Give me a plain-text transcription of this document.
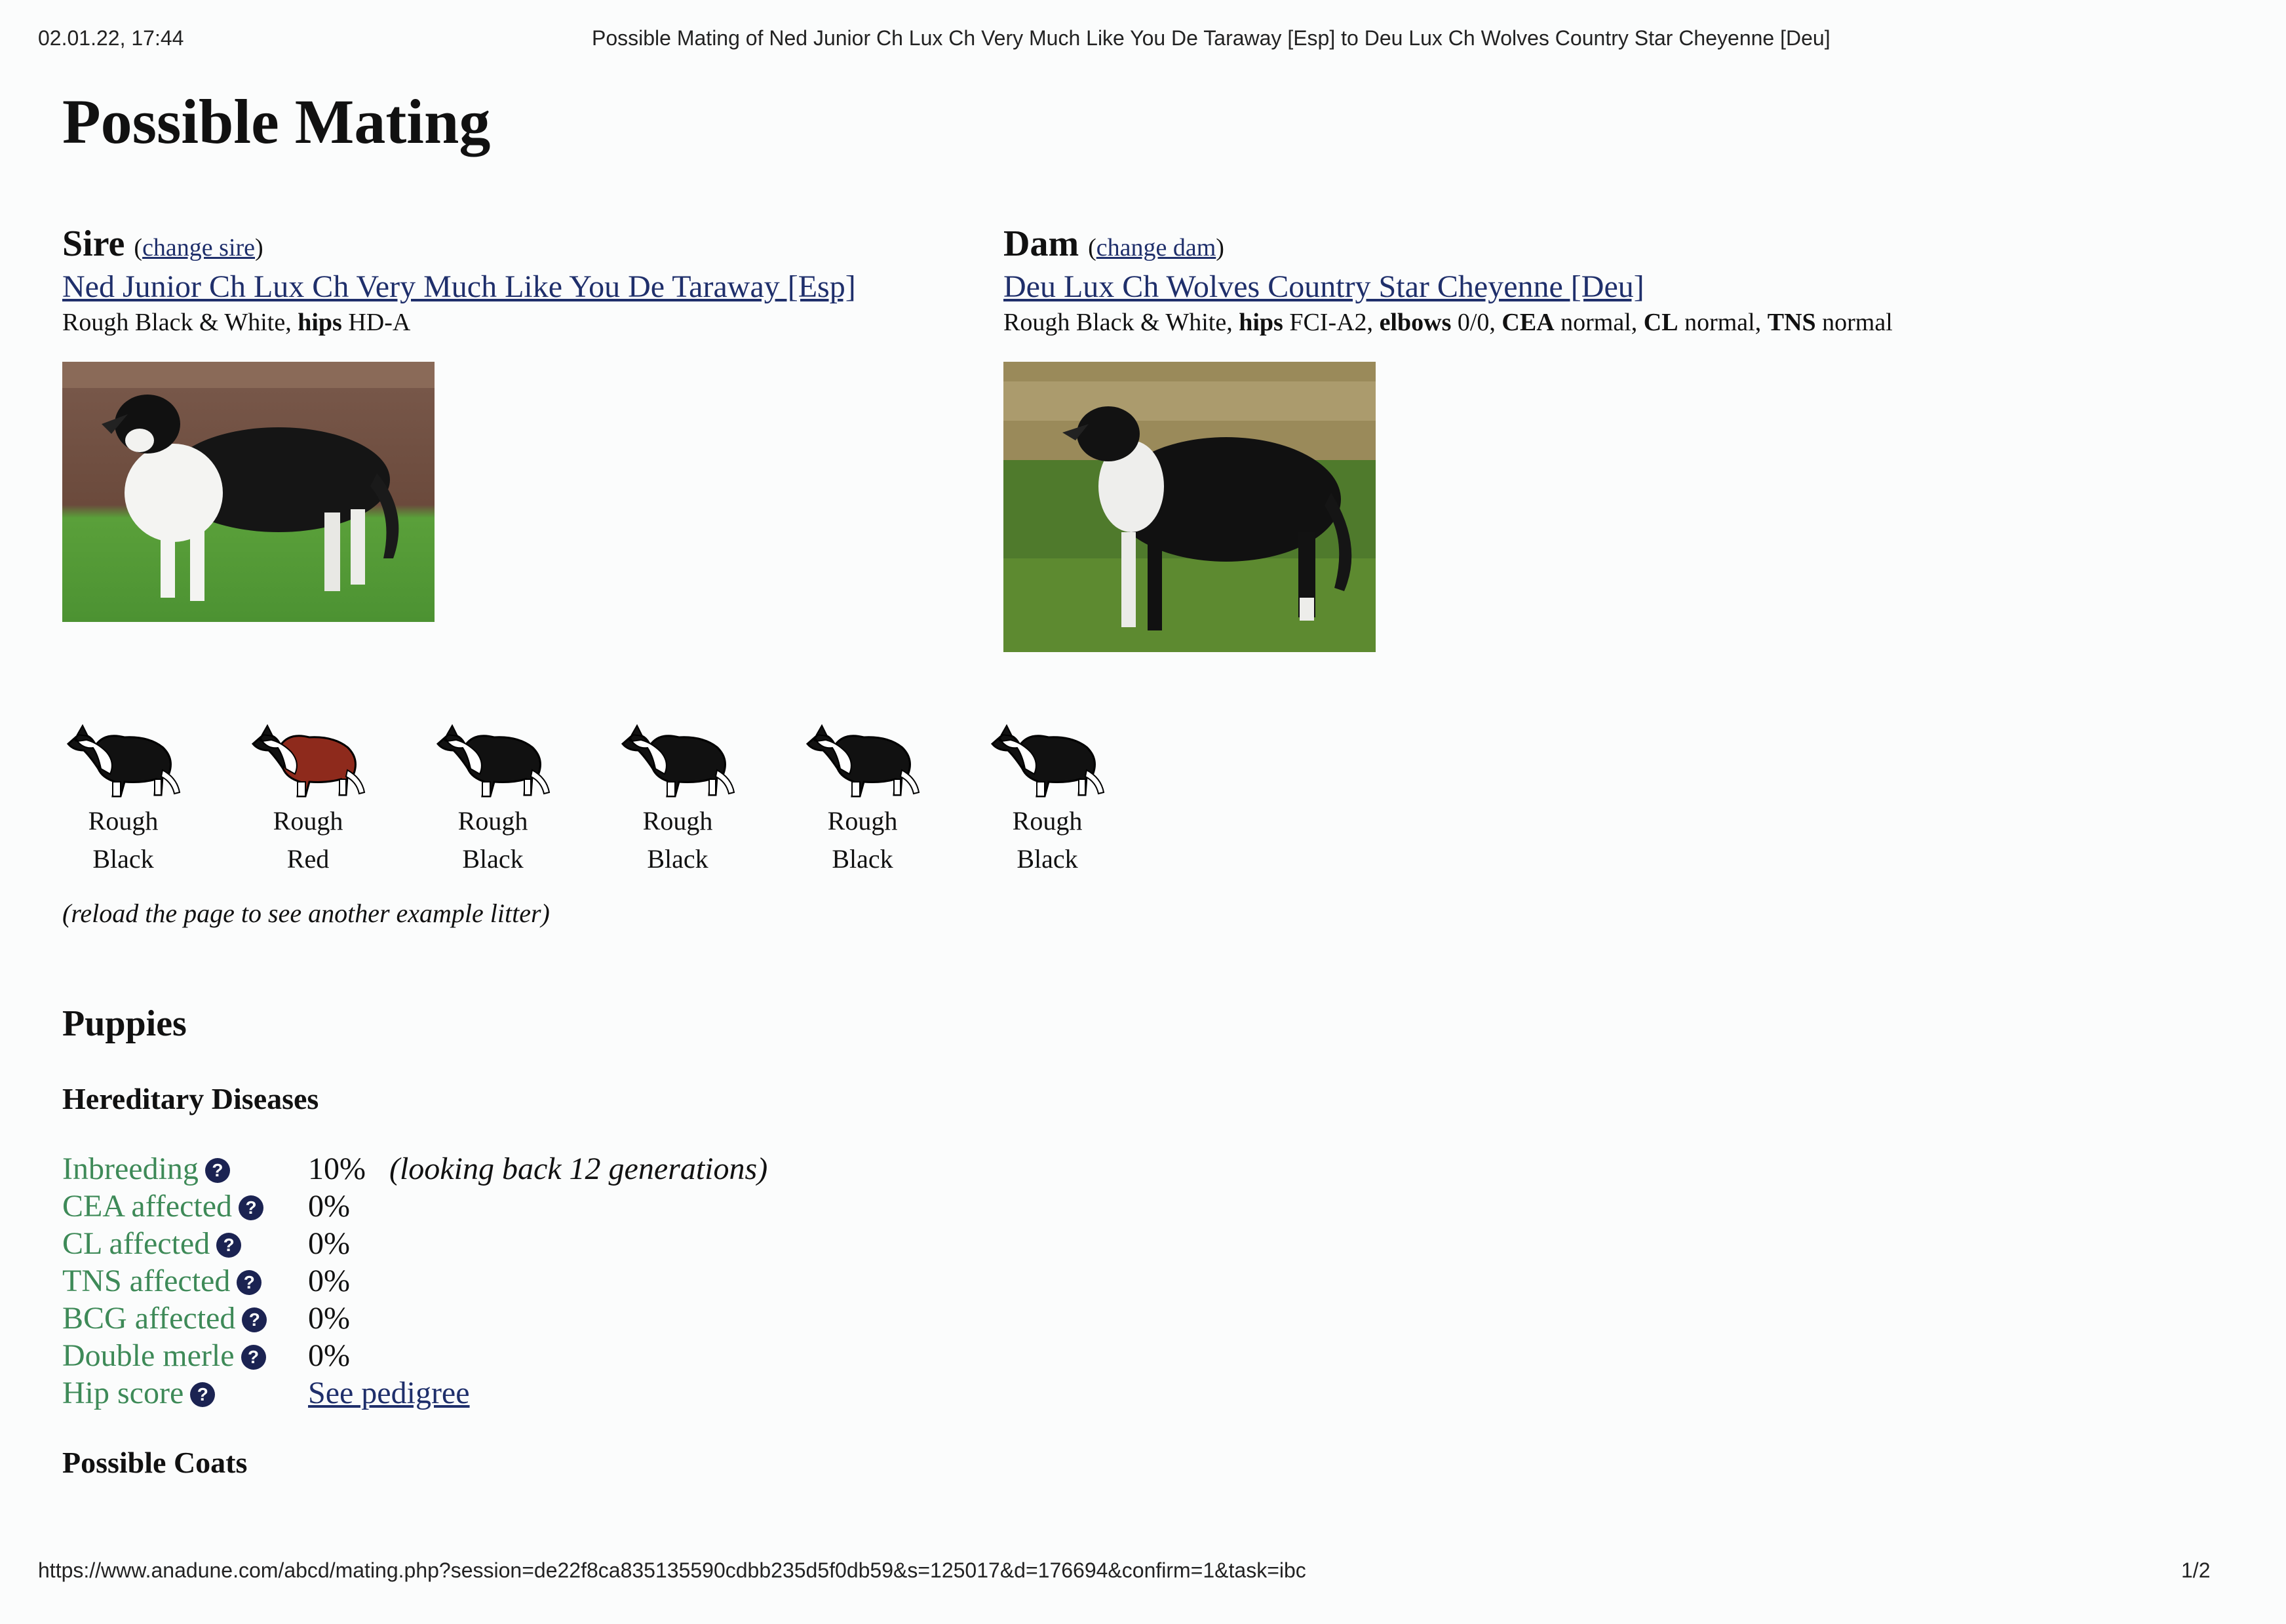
02.01.22, 17:44	Possible Mating of Ned Junior Ch Lux Ch Very Much Like You De Taraway [Esp] to Deu Lux Ch Wolves Country Star Cheyenne [Deu]
Possible Mating
Sire (change sire)
Ned Junior Ch Lux Ch Very Much Like You De Taraway [Esp]
Rough Black & White, hips HD-A
Dam (change dam)
Deu Lux Ch Wolves Country Star Cheyenne [Deu]
Rough Black & White, hips FCI-A2, elbows 0/0, CEA normal, CL normal, TNS normal
Rough
Black
Rough
Red
Rough
Black
Rough
Black
Rough
Black
Rough
Black
(reload the page to see another example litter)
Puppies
Hereditary Diseases
Inbreeding ?	10% (looking back 12 generations)
CEA affected ?	0%
CL affected ?	0%
TNS affected ?	0%
BCG affected ?	0%
Double merle ?	0%
Hip score ?	See pedigree
Possible Coats
https://www.anadune.com/abcd/mating.php?session=de22f8ca835135590cdbb235d5f0db59&s=125017&d=176694&confirm=1&task=ibc	1/2
